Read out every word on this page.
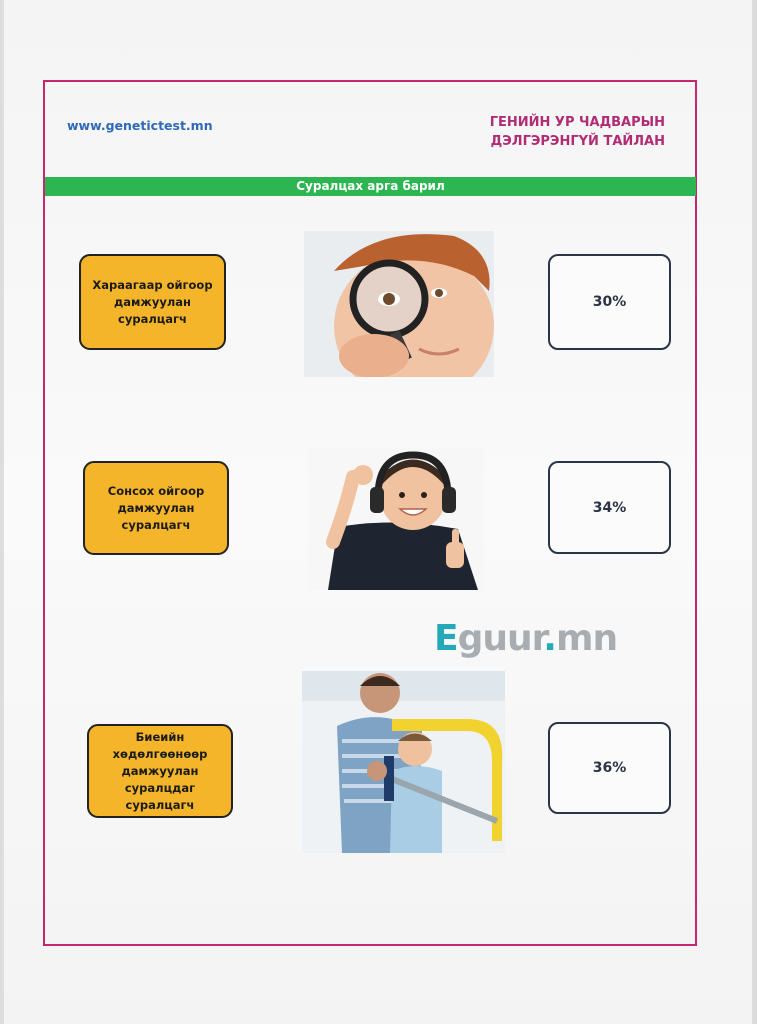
www.genetictest.mn	ГЕНИЙН УР ЧАДВАРЫН
ДЭЛГЭРЭНГҮЙ ТАЙЛАН
Суралцах арга барил
Хараагаар ойгоор дамжуулан суралцагч
30%
Сонсох ойгоор дамжуулан суралцагч
34%
Eguur.mn
Биеийн хөдөлгөөнөөр дамжуулан суралцдаг суралцагч
36%
